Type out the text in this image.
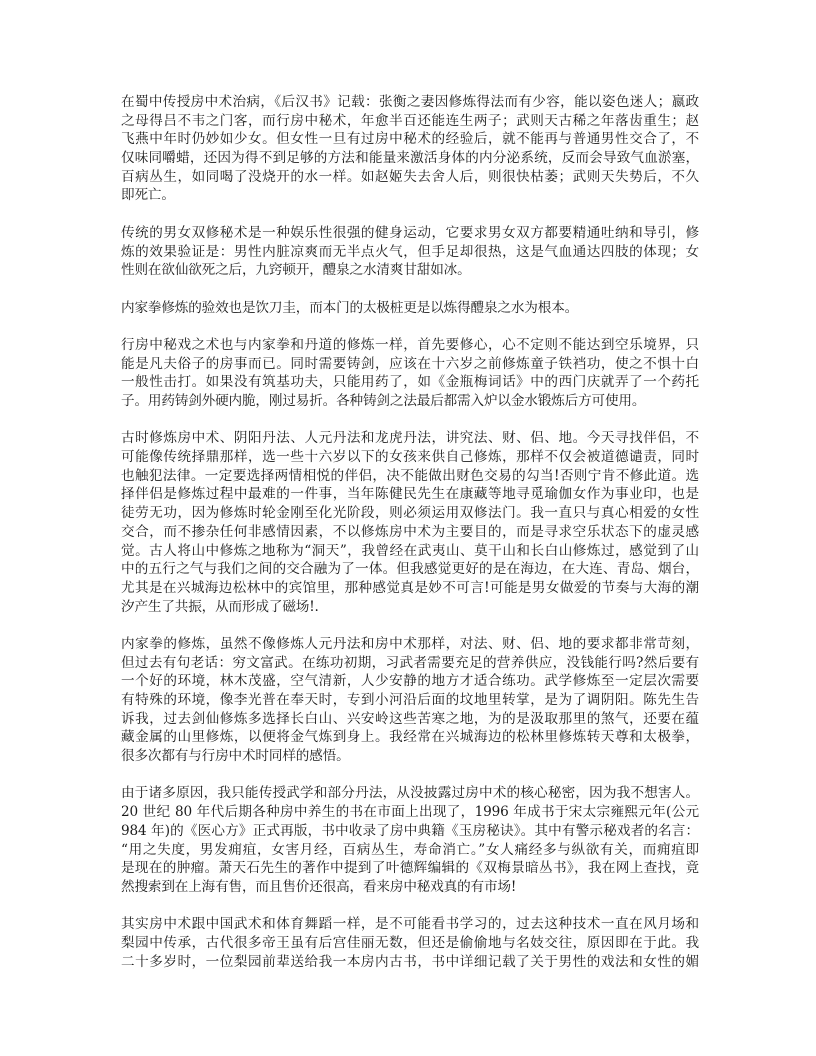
在蜀中传授房中术治病，《后汉书》记载：张衡之妻因修炼得法而有少容，能以姿色迷人；嬴政
之母得吕不韦之门客，而行房中秘术，年愈半百还能连生两子；武则天古稀之年落齿重生；赵
飞燕中年时仍妙如少女。但女性一旦有过房中秘术的经验后，就不能再与普通男性交合了，不
仅味同嚼蜡，还因为得不到足够的方法和能量来激活身体的内分泌系统，反而会导致气血淤塞，
百病丛生，如同喝了没烧开的水一样。如赵姬失去舍人后，则很快枯萎；武则天失势后，不久
即死亡。
传统的男女双修秘术是一种娱乐性很强的健身运动，它要求男女双方都要精通吐纳和导引，修
炼的效果验证是：男性内脏凉爽而无半点火气，但手足却很热，这是气血通达四肢的体现；女
性则在欲仙欲死之后，九窍顿开，醴泉之水清爽甘甜如冰。
内家拳修炼的验效也是饮刀圭，而本门的太极桩更是以炼得醴泉之水为根本。
行房中秘戏之术也与内家拳和丹道的修炼一样，首先要修心，心不定则不能达到空乐境界，只
能是凡夫俗子的房事而已。同时需要铸剑，应该在十六岁之前修炼童子铁裆功，使之不惧十白
一般性击打。如果没有筑基功夫，只能用药了，如《金瓶梅词话》中的西门庆就弄了一个药托
子。用药铸剑外硬内脆，刚过易折。各种铸剑之法最后都需入炉以金水锻炼后方可使用。
古时修炼房中术、阴阳丹法、人元丹法和龙虎丹法，讲究法、财、侣、地。今天寻找伴侣，不
可能像传统择鼎那样，选一些十六岁以下的女孩来供自己修炼，那样不仅会被道德谴责，同时
也触犯法律。一定要选择两情相悦的伴侣，决不能做出财色交易的勾当!否则宁肯不修此道。选
择伴侣是修炼过程中最难的一件事，当年陈健民先生在康藏等地寻觅瑜伽女作为事业印，也是
徒劳无功，因为修炼时轮金刚至化光阶段，则必须运用双修法门。我一直只与真心相爱的女性
交合，而不掺杂任何非感情因素，不以修炼房中术为主要目的，而是寻求空乐状态下的虚灵感
觉。古人将山中修炼之地称为“洞天”，我曾经在武夷山、莫干山和长白山修炼过，感觉到了山
中的五行之气与我们之间的交合融为了一体。但我感觉更好的是在海边，在大连、青岛、烟台，
尤其是在兴城海边松林中的宾馆里，那种感觉真是妙不可言!可能是男女做爱的节奏与大海的潮
汐产生了共振，从而形成了磁场!.
内家拳的修炼，虽然不像修炼人元丹法和房中术那样，对法、财、侣、地的要求都非常苛刻，
但过去有句老话：穷文富武。在练功初期，习武者需要充足的营养供应，没钱能行吗?然后要有
一个好的环境，林木茂盛，空气清新，人少安静的地方才适合练功。武学修炼至一定层次需要
有特殊的环境，像李光普在奉天时，专到小河沿后面的坟地里转掌，是为了调阴阳。陈先生告
诉我，过去剑仙修炼多选择长白山、兴安岭这些苦寒之地，为的是汲取那里的煞气，还要在蕴
藏金属的山里修炼，以便将金气炼到身上。我经常在兴城海边的松林里修炼转天尊和太极拳，
很多次都有与行房中术时同样的感悟。
由于诸多原因，我只能传授武学和部分丹法，从没披露过房中术的核心秘密，因为我不想害人。
20 世纪 80 年代后期各种房中养生的书在市面上出现了，1996 年成书于宋太宗雍熙元年(公元
984 年)的《医心方》正式再版，书中收录了房中典籍《玉房秘诀》。其中有警示秘戏者的名言：
“用之失度，男发痈疽，女害月经，百病丛生，寿命消亡。”女人痛经多与纵欲有关，而痈疽即
是现在的肿瘤。萧天石先生的著作中提到了叶德辉编辑的《双梅景暗丛书》，我在网上查找，竟
然搜索到在上海有售，而且售价还很高，看来房中秘戏真的有市场!
其实房中术跟中国武术和体育舞蹈一样，是不可能看书学习的，过去这种技术一直在风月场和
梨园中传承，古代很多帝王虽有后宫佳丽无数，但还是偷偷地与名妓交往，原因即在于此。我
二十多岁时，一位梨园前辈送给我一本房内古书，书中详细记载了关于男性的戏法和女性的媚
